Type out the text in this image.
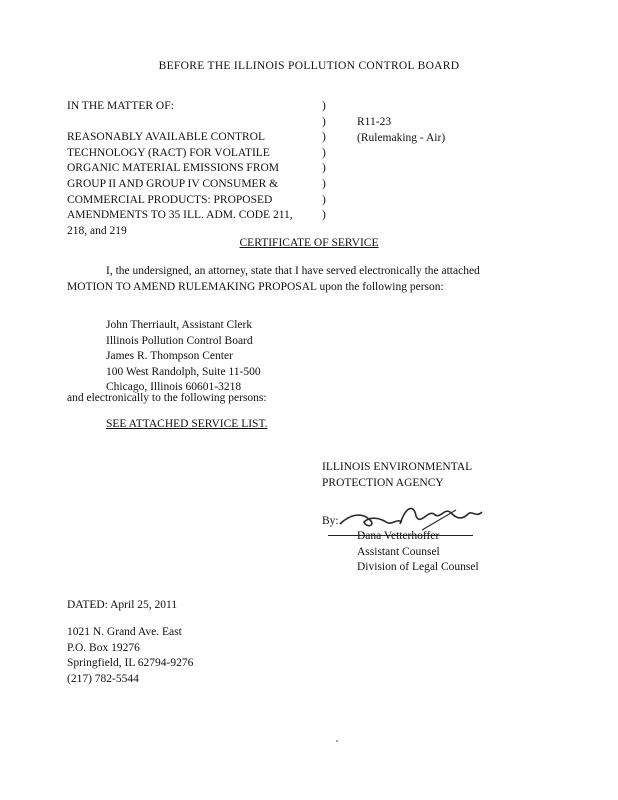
BEFORE THE ILLINOIS POLLUTION CONTROL BOARD
IN THE MATTER OF:
REASONABLY AVAILABLE CONTROL
TECHNOLOGY (RACT) FOR VOLATILE
ORGANIC MATERIAL EMISSIONS FROM
GROUP II AND GROUP IV CONSUMER &
COMMERCIAL PRODUCTS: PROPOSED
AMENDMENTS TO 35 ILL. ADM. CODE 211,
218, and 219
)
)
)
)
)
)
)
)
R11-23
(Rulemaking - Air)
CERTIFICATE OF SERVICE
I, the undersigned, an attorney, state that I have served electronically the attached
MOTION TO AMEND RULEMAKING PROPOSAL upon the following person:
John Therriault, Assistant Clerk
Illinois Pollution Control Board
James R. Thompson Center
100 West Randolph, Suite 11-500
Chicago, Illinois 60601-3218
and electronically to the following persons:
SEE ATTACHED SERVICE LIST.
ILLINOIS ENVIRONMENTAL
PROTECTION AGENCY
By:
Dana Vetterhoffer
Assistant Counsel
Division of Legal Counsel
DATED: April 25, 2011
1021 N. Grand Ave. East
P.O. Box 19276
Springfield, IL 62794-9276
(217) 782-5544
